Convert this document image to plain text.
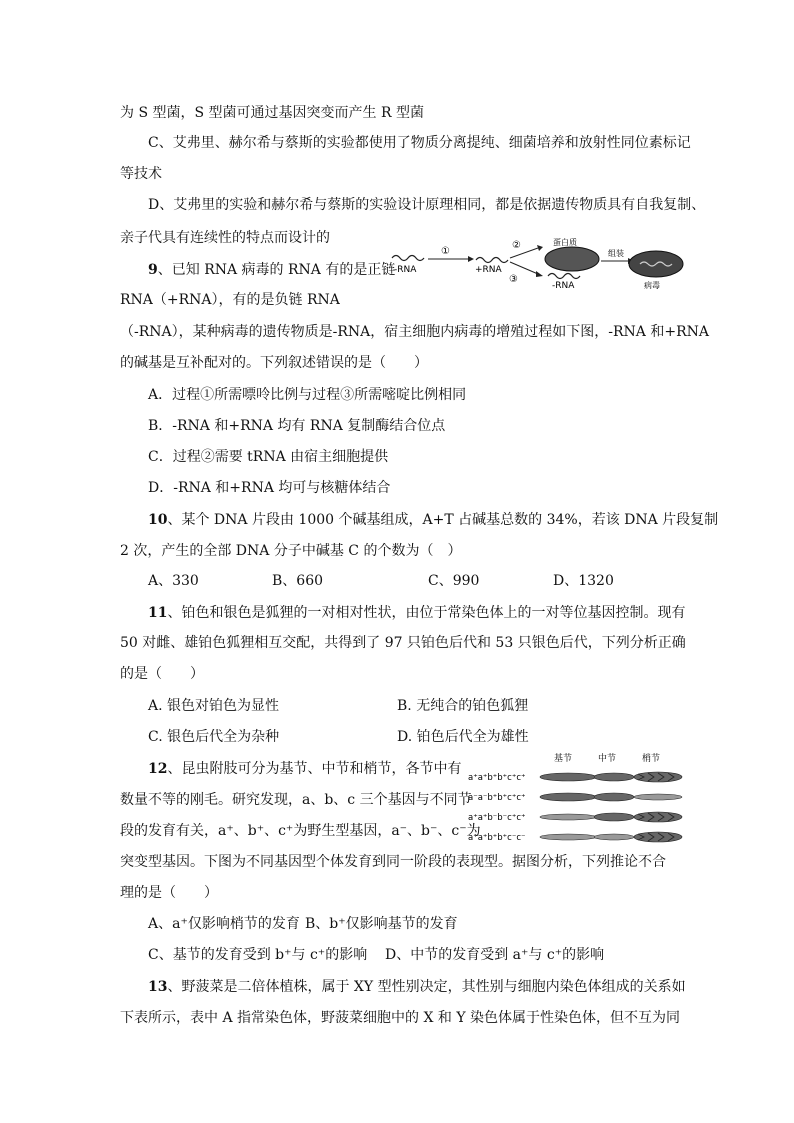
为 S 型菌，S 型菌可通过基因突变而产生 R 型菌
C、艾弗里、赫尔希与蔡斯的实验都使用了物质分离提纯、细菌培养和放射性同位素标记
等技术
D、艾弗里的实验和赫尔希与蔡斯的实验设计原理相同，都是依据遗传物质具有自我复制、
亲子代具有连续性的特点而设计的
9、已知 RNA 病毒的 RNA 有的是正链
RNA（+RNA），有的是负链 RNA
（-RNA），某种病毒的遗传物质是-RNA，宿主细胞内病毒的增殖过程如下图，-RNA 和+RNA
的碱基是互补配对的。下列叙述错误的是（　　）
A．过程①所需嘌呤比例与过程③所需嘧啶比例相同
B．-RNA 和+RNA 均有 RNA 复制酶结合位点
C．过程②需要 tRNA 由宿主细胞提供
D．-RNA 和+RNA 均可与核糖体结合
-RNA
①
+RNA
②
③
蛋白质
-RNA
组装
病毒
10、某个 DNA 片段由 1000 个碱基组成，A+T 占碱基总数的 34%，若该 DNA 片段复制
2 次，产生的全部 DNA 分子中碱基 C 的个数为（　）
A、330	B、660	C、990	D、1320
11、铂色和银色是狐狸的一对相对性状，由位于常染色体上的一对等位基因控制。现有
50 对雌、雄铂色狐狸相互交配，共得到了 97 只铂色后代和 53 只银色后代，下列分析正确
的是（　　）
A. 银色对铂色为显性	B. 无纯合的铂色狐狸
C. 银色后代全为杂种	D. 铂色后代全为雄性
12、昆虫附肢可分为基节、中节和梢节，各节中有
数量不等的刚毛。研究发现，a、b、c 三个基因与不同节
段的发育有关，a⁺、b⁺、c⁺为野生型基因，a⁻、b⁻、c⁻为
突变型基因。下图为不同基因型个体发育到同一阶段的表现型。据图分析，下列推论不合
理的是（　　）
A、a⁺仅影响梢节的发育 B、b⁺仅影响基节的发育
C、基节的发育受到 b⁺与 c⁺的影响 D、中节的发育受到 a⁺与 c⁺的影响
基节	中节	梢节
a⁺a⁺b⁺b⁺c⁺c⁺
a⁻a⁻b⁺b⁺c⁺c⁺
a⁺a⁺b⁻b⁻c⁺c⁺
a⁺a⁺b⁺b⁺c⁻c⁻
13、野菠菜是二倍体植株，属于 XY 型性别决定，其性别与细胞内染色体组成的关系如
下表所示，表中 A 指常染色体，野菠菜细胞中的 X 和 Y 染色体属于性染色体，但不互为同
